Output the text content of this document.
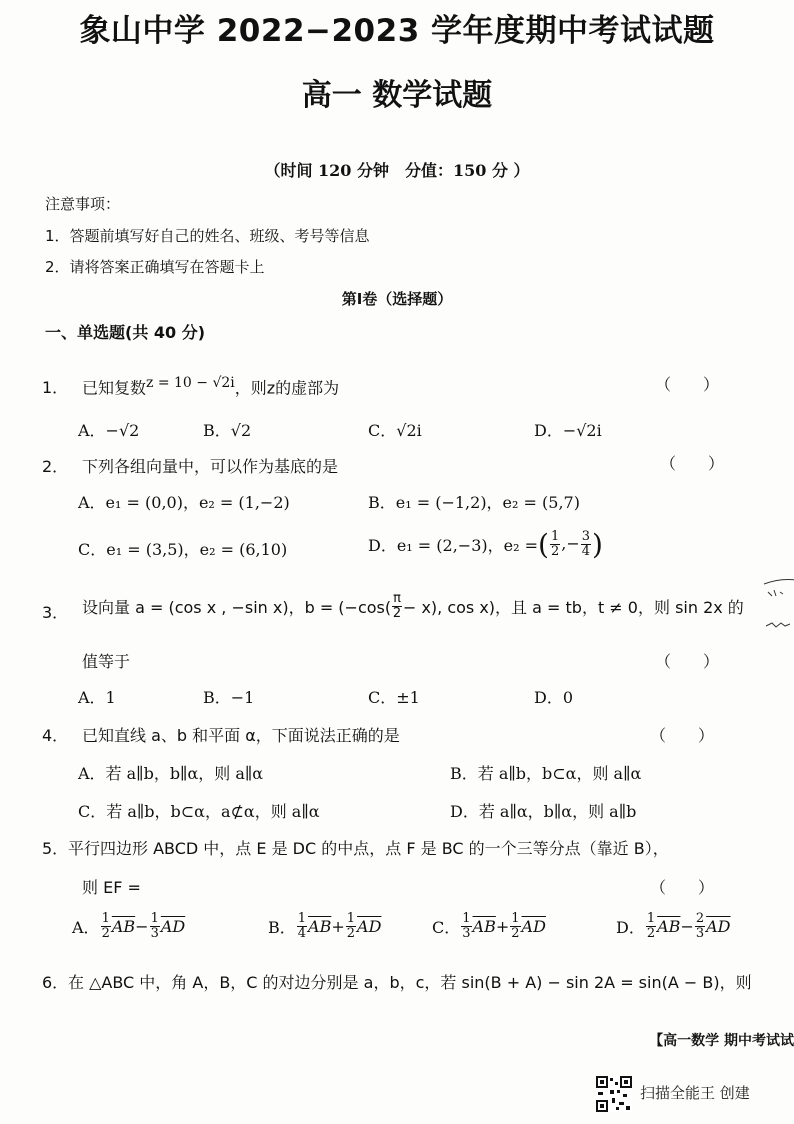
象山中学 2022−2023 学年度期中考试试题
高一 数学试题
（时间 120 分钟　分值：150 分 ）
注意事项：
1．答题前填写好自己的姓名、班级、考号等信息
2．请将答案正确填写在答题卡上
第Ⅰ卷（选择题）
一、单选题(共 40 分)
1． 已知复数$^{z = 10 - √2i}$，则z的虚部为	（　　）
A．−√2	B．√2	C．√2i	D．−√2i
2． 下列各组向量中，可以作为基底的是	（　　）
A．e₁ = (0,0)，e₂ = (1,−2)	B．e₁ = (−1,2)，e₂ = (5,7)
C．e₁ = (3,5)，e₂ = (6,10)	D．e₁ = (2,−3)，e₂ =( $\frac{1}{2}$ ,− $\frac{3}{4}$ )
3． 设向量 a = (cos x , −sin x)，$b = (-\cos( \frac{\pi}{2} - x)$, cos x)，且 a = tb，t ≠ 0，则 sin 2x 的
值等于	（　　）
A．1	B．−1	C．±1	D．0
4． 已知直线 a、b 和平面 α，下面说法正确的是	（　　）
A．若 a∥b，b∥α，则 a∥α	B．若 a∥b，b⊂α，则 a∥α
C．若 a∥b，b⊂α，a⊄α，则 a∥α	D．若 a∥α，b∥α，则 a∥b
5． 平行四边形 ABCD 中，点 E 是 DC 的中点，点 F 是 BC 的一个三等分点（靠近 B），
则 EF =	（　　）
A． $\frac{1}{2} \overline{AB}- \frac{1}{3} \overline{AD}$	B． $\frac{1}{4} \overline{AB}+ \frac{1}{2} \overline{AD}$	C． $\frac{1}{3} \overline{AB}+ \frac{1}{2} \overline{AD}$	D． $\frac{1}{2} \overline{AB}- \frac{2}{3} \overline{AD}$
6． 在 △ABC 中，角 A，B，C 的对边分别是 a，b，c，若 sin(B + A) − sin 2A = sin(A − B)，则
【高一数学 期中考试试
扫描全能王 创建
